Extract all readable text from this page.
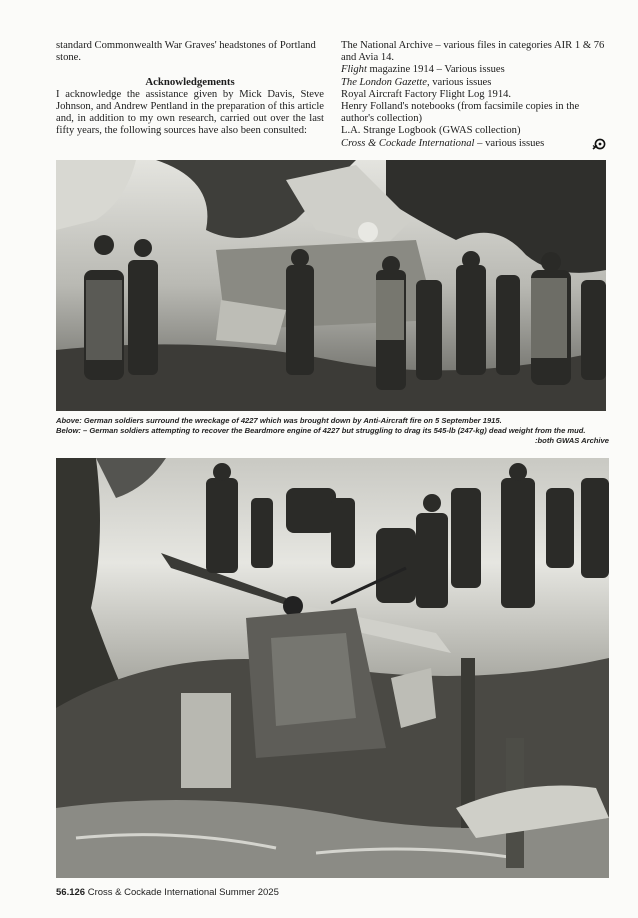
standard Commonwealth War Graves' headstones of Portland

stone.

Acknowledgements

I acknowledge the assistance given by Mick Davis, Steve Johnson, and Andrew Pentland in the preparation of this article and, in addition to my own research, carried out over the last fifty years, the following sources have also been consulted:

The National Archive – various files in categories AIR 1 & 76

and Avia 14.

Flight magazine 1914 – Various issues

The London Gazette, various issues

Royal Aircraft Factory Flight Log 1914.

Henry Folland's notebooks (from facsimile copies in the

author's collection)

L.A. Strange Logbook (GWAS collection)

Cross & Cockade International – various issues

Above: German soldiers surround the wreckage of 4227 which was brought down by Anti-Aircraft fire on 5 September 1915.

Below: – German soldiers attempting to recover the Beardmore engine of 4227 but struggling to drag its 545-lb (247-kg) dead weight from the mud.

:both GWAS Archive

56.126 Cross & Cockade International Summer 2025
